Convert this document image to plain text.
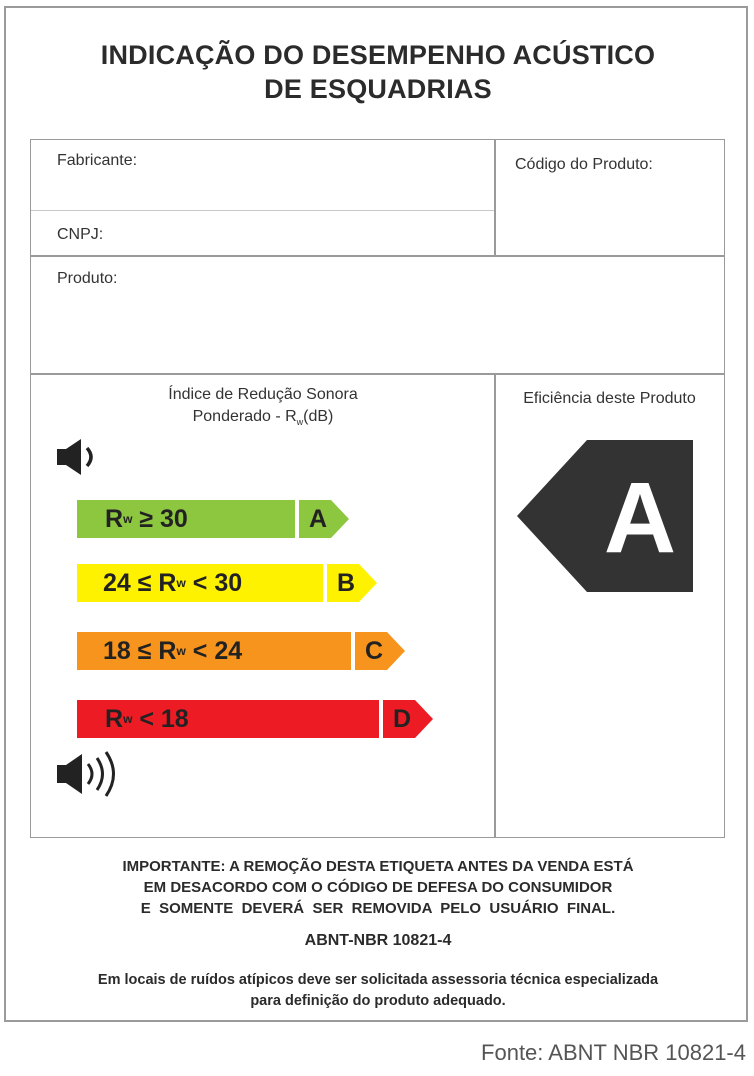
INDICAÇÃO DO DESEMPENHO ACÚSTICO
DE ESQUADRIAS
Fabricante:
CNPJ:
Código do Produto:
Produto:
Índice de Redução Sonora
Ponderado - $R_w(dB)$
R w ≥ 30	A
24 ≤ R w < 30	B
18 ≤ R w < 24	C
R w < 18	D
Eficiência deste Produto
A
IMPORTANTE: A REMOÇÃO DESTA ETIQUETA ANTES DA VENDA ESTÁ
EM DESACORDO COM O CÓDIGO DE DEFESA DO CONSUMIDOR
E  SOMENTE  DEVERÁ  SER  REMOVIDA  PELO  USUÁRIO  FINAL.
ABNT-NBR 10821-4
Em locais de ruídos atípicos deve ser solicitada assessoria técnica especializada
para definição do produto adequado.
Fonte: ABNT NBR 10821-4
